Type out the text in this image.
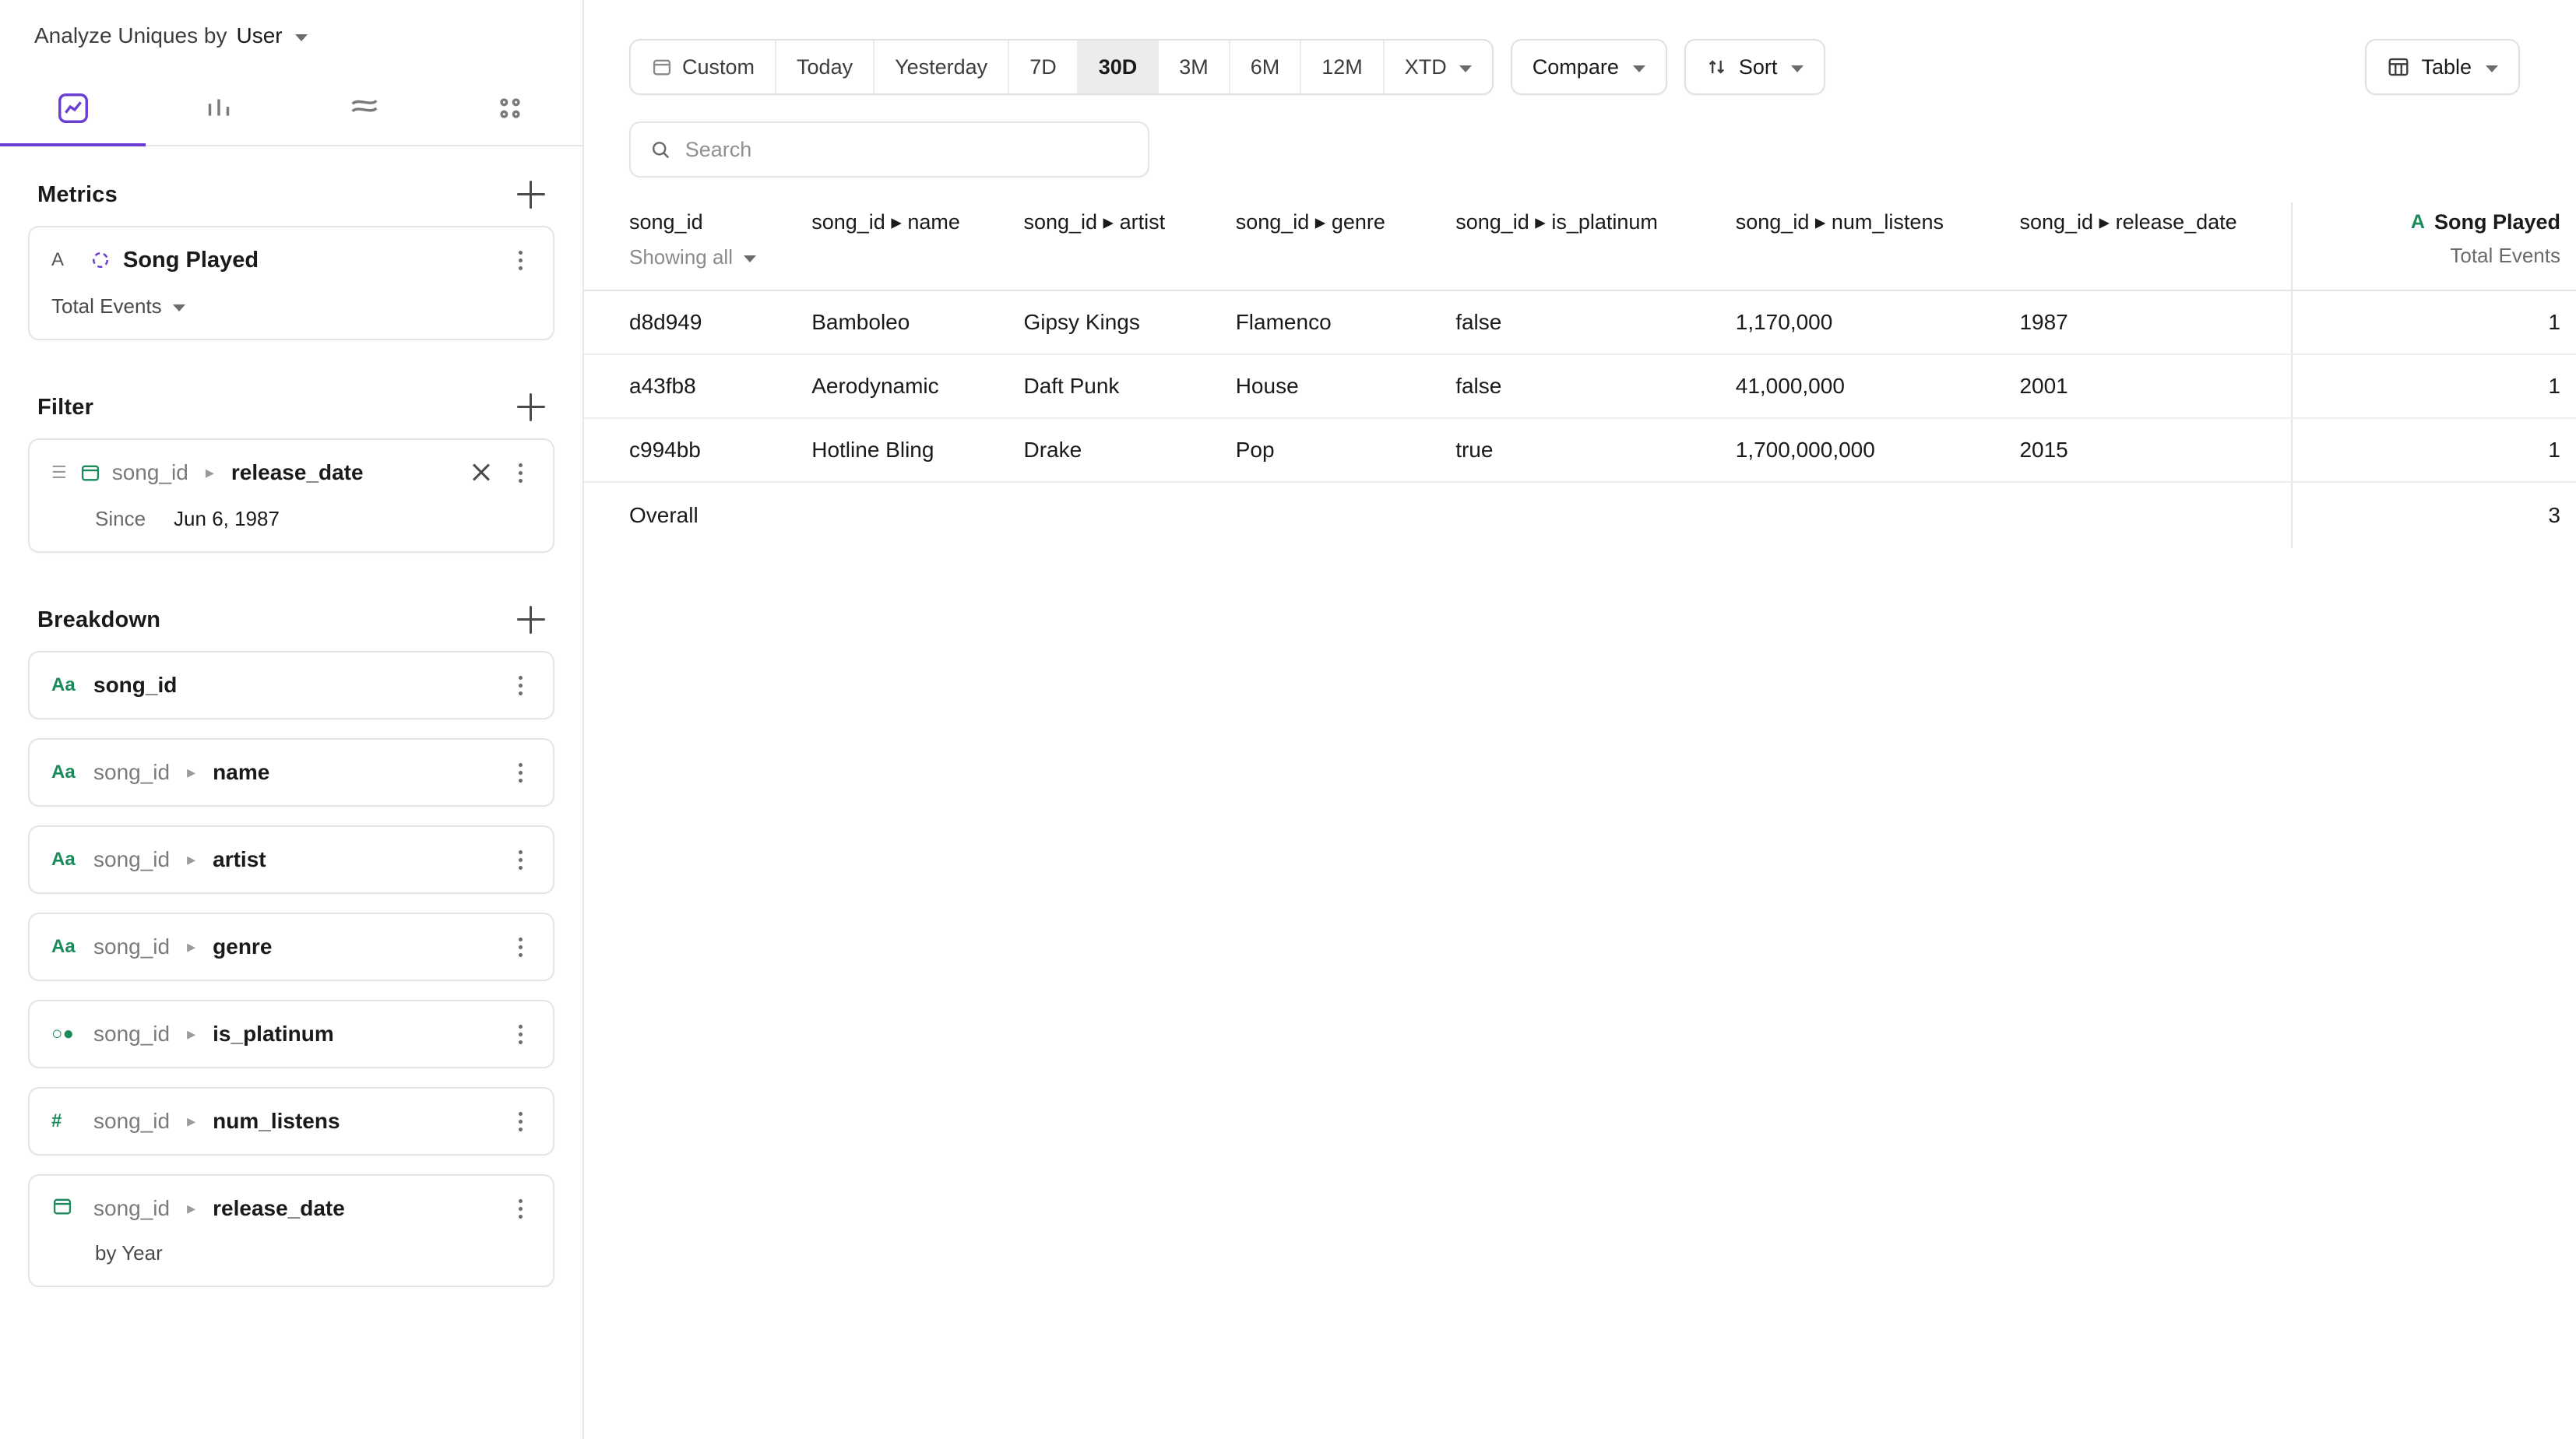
Analyze Uniques by User
Metrics
A	Song Played
Total Events
Filter
☰ song_id ▸ release_date
Since Jun 6, 1987
Breakdown
Aa song_id
Aa song_id ▸ name
Aa song_id ▸ artist
Aa song_id ▸ genre
○● song_id ▸ is_platinum
#	song_id ▸ num_listens
song_id ▸ release_date
by Year
Custom Today Yesterday 7D 30D 3M 6M 12M XTD	Compare	Sort	Table
Search
song_id
Showing all
	song_id ▸ name	song_id ▸ artist	song_id ▸ genre	song_id ▸ is_platinum	song_id ▸ num_listens	song_id ▸ release_date	A Song Played
Total Events

d8d949	Bamboleo	Gipsy Kings	Flamenco	false	1,170,000	1987	1
a43fb8	Aerodynamic	Daft Punk	House	false	41,000,000	2001	1
c994bb	Hotline Bling	Drake	Pop	true	1,700,000,000	2015	1
Overall							3
